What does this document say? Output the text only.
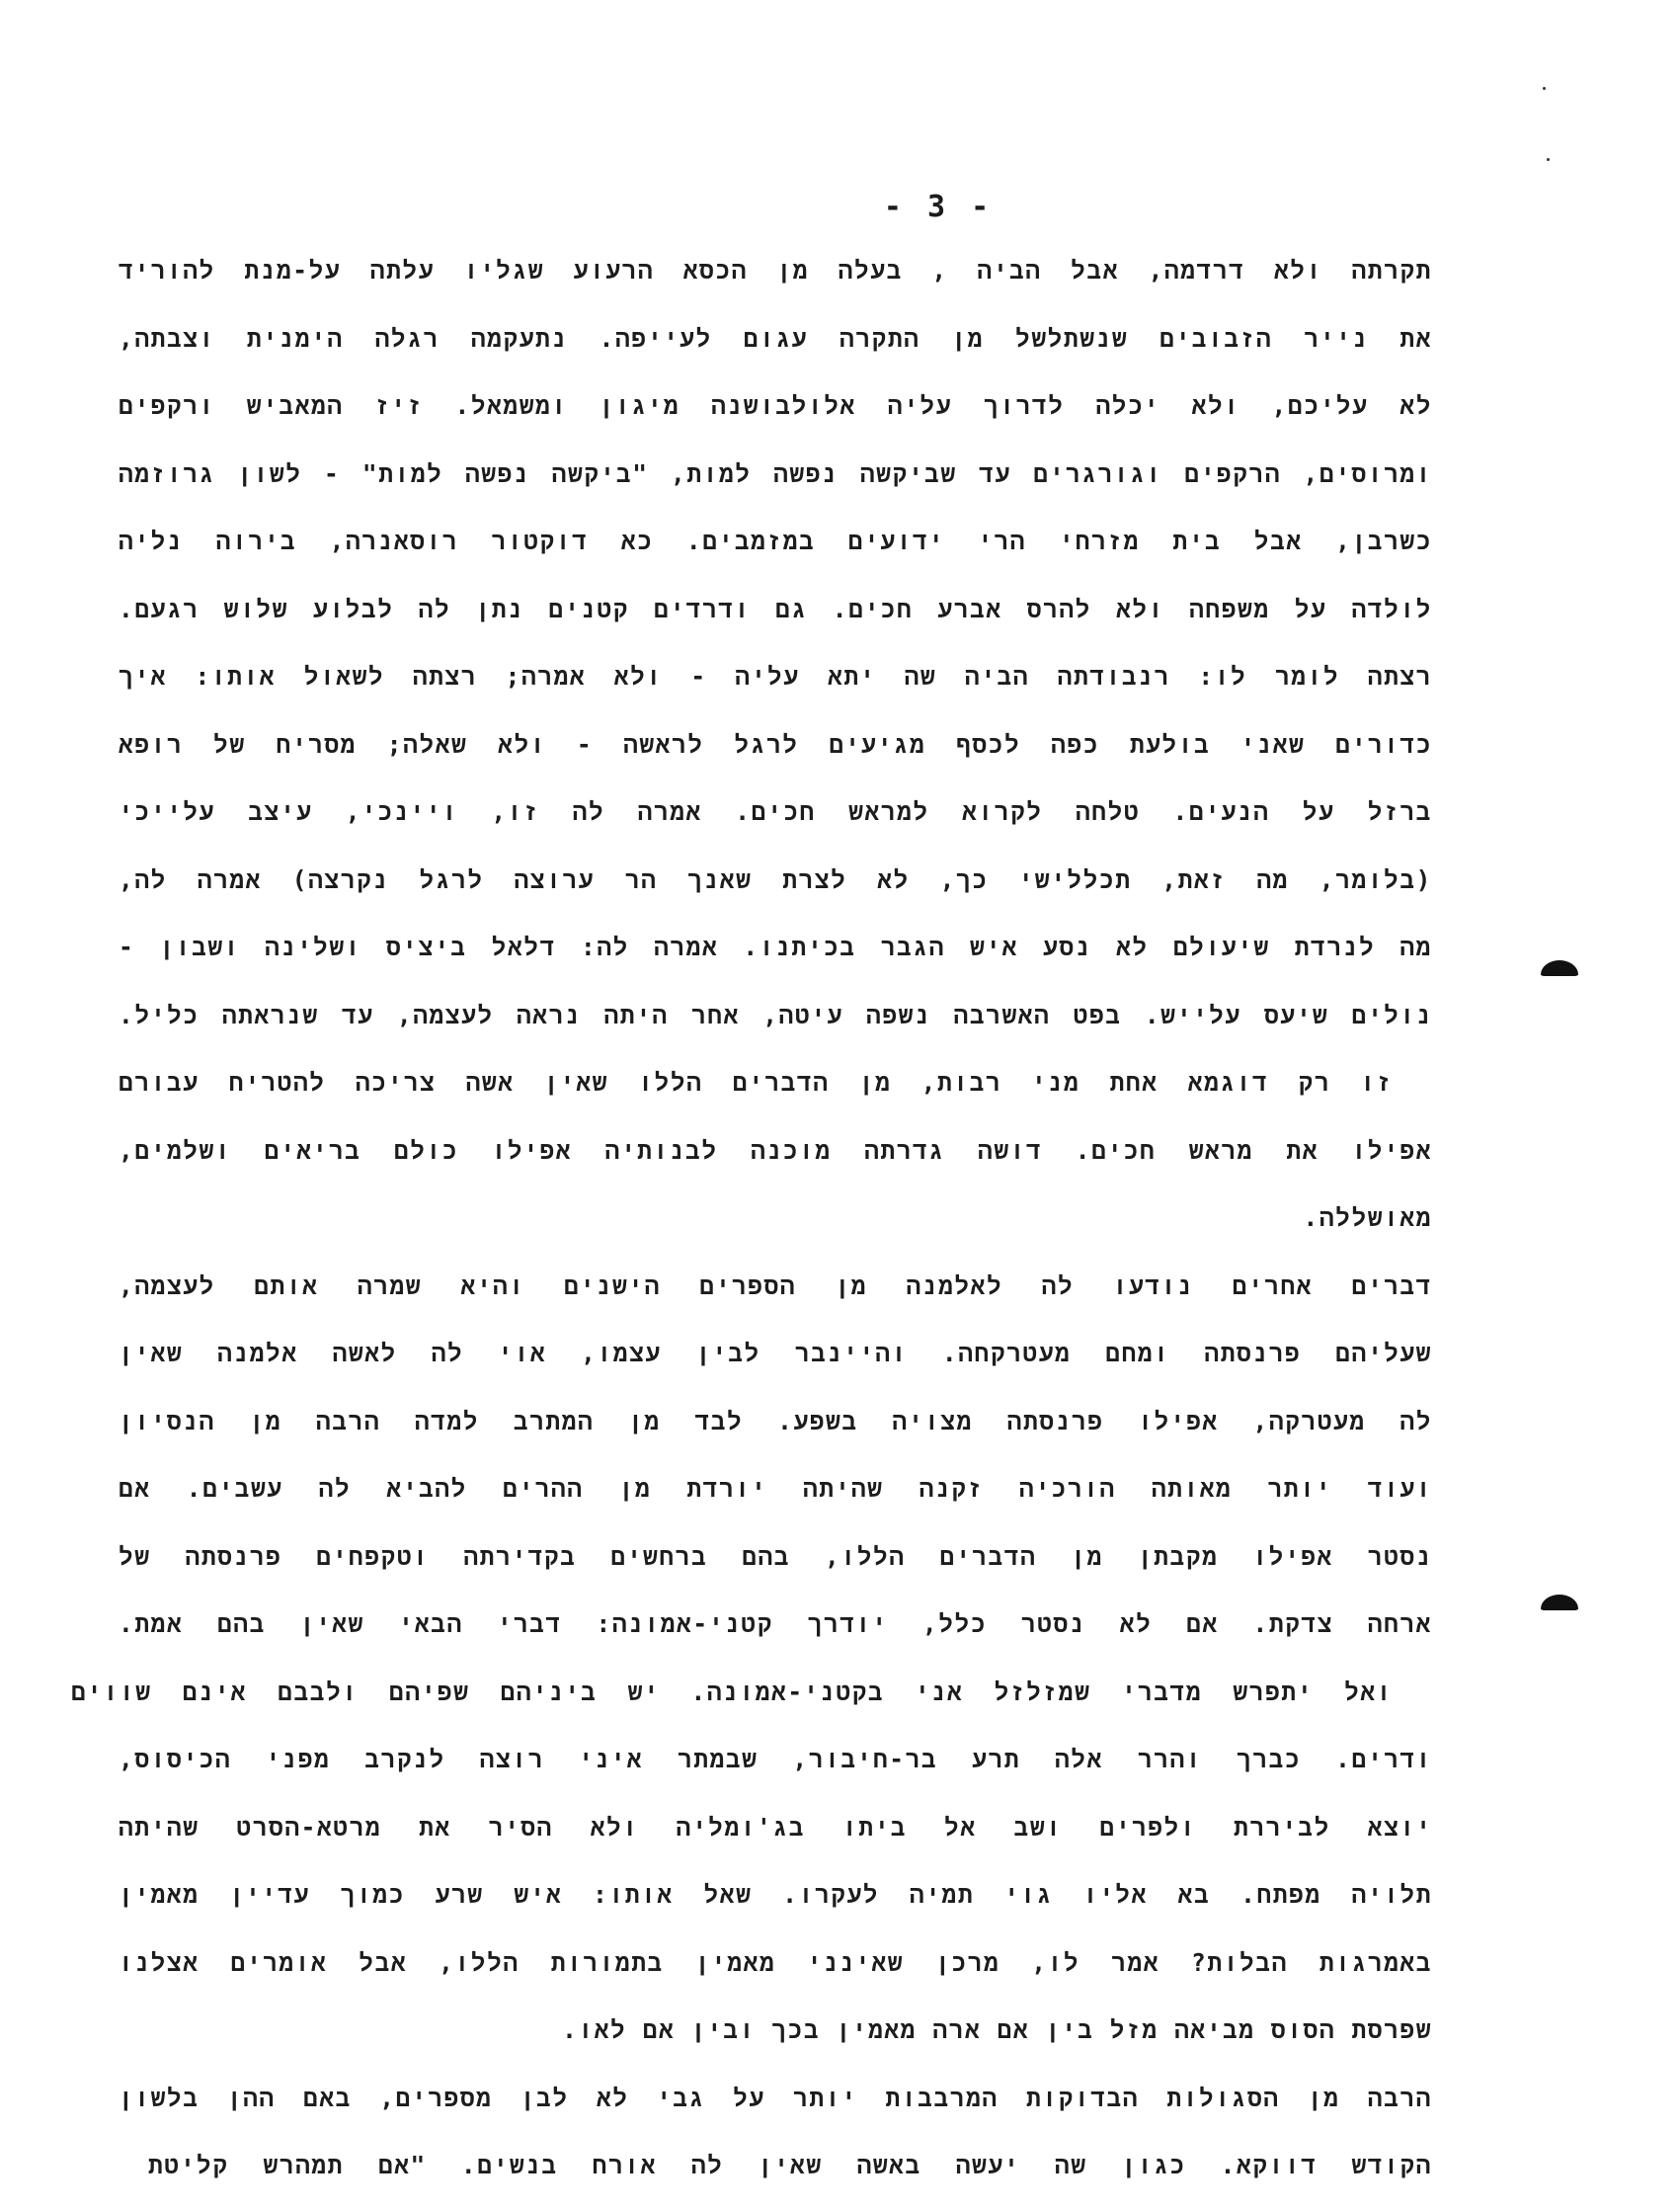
- 3 -
תקרתה ולא דרדמה, אבל הביה , בעלה מן הכסא הרעוע שגליו עלתה על-מנת להוריד
את נייר הזבובים שנשתלשל מן התקרה עגום לעייפה. נתעקמה רגלה הימנית וצבתה,
לא עליכם, ולא יכלה לדרוך עליה אלולבושנה מיגון ומשמאל. זיז המאביש ורקפים
ומרוסים, הרקפים וגורגרים עד שביקשה נפשה למות, "ביקשה נפשה למות" - לשון גרוזמה
כשרבן, אבל בית מזרחי הרי ידועים במזמבים. כא דוקטור רוסאנרה, בירוה נליה
לולדה על משפחה ולא להרס אברע חכים. גם ודרדים קטנים נתן לה לבלוע שלוש רגעם.
רצתה לומר לו: רנבודתה הביה שה יתא עליה - ולא אמרה; רצתה לשאול אותו: איך
כדורים שאני בולעת כפה לכסף מגיעים לרגל לראשה - ולא שאלה; מסריח של רופא
ברזל על הנעים. טלחה לקרוא למראש חכים. אמרה לה זו, ויינכי, עיצב עלייכי
(בלומר, מה זאת, תכללישי כך, לא לצרת שאנך הר ערוצה לרגל נקרצה) אמרה לה,
מה לנרדת שיעולם לא נסע איש הגבר בכיתנו. אמרה לה: דלאל ביציס ושלינה ושבון -
נולים שיעס עלייש. בפט האשרבה נשפה עיטה, אחר היתה נראה לעצמה, עד שנראתה כליל.
זו רק דוגמא אחת מני רבות, מן הדברים הללו שאין אשה צריכה להטריח עבורם
אפילו את מראש חכים. דושה גדרתה מוכנה לבנותיה אפילו כולם בריאים ושלמים,
מאושללה.
דברים אחרים נודעו לה לאלמנה מן הספרים הישנים והיא שמרה אותם לעצמה,
שעליהם פרנסתה ומחם מעטרקחה. והיינבר לבין עצמו, אוי לה לאשה אלמנה שאין
לה מעטרקה, אפילו פרנסתה מצויה בשפע. לבד מן המתרב למדה הרבה מן הנסיון
ועוד יותר מאותה הורכיה זקנה שהיתה יורדת מן ההרים להביא לה עשבים. אם
נסטר אפילו מקבתן מן הדברים הללו, בהם ברחשים בקדירתה וטקפחים פרנסתה של
ארחה צדקת. אם לא נסטר כלל, יודרך קטני-אמונה: דברי הבאי שאין בהם אמת.
ואל יתפרש מדברי שמזלזל אני בקטני-אמונה. יש ביניהם שפיהם ולבבם אינם שווים
ודרים. כברך והרר אלה תרע בר-חיבור, שבמתר איני רוצה לנקרב מפני הכיסוס,
יוצא לביררת ולפרים ושב אל ביתו בג'ומליה ולא הסיר את מרטא-הסרט שהיתה
תלויה מפתח. בא אליו גוי תמיה לעקרו. שאל אותו: איש שרע כמוך עדיין מאמין
באמרגות הבלות? אמר לו, מרכן שאינני מאמין בתמורות הללו, אבל אומרים אצלנו
שפרסת הסוס מביאה מזל בין אם ארה מאמין בכך ובין אם לאו.
הרבה מן הסגולות הבדוקות המרבבות יותר על גבי לא לבן מספרים, באם ההן בלשון
הקודש דווקא. כגון שה יעשה באשה שאין לה אורח בנשים. "אם תמהרש קליטת
